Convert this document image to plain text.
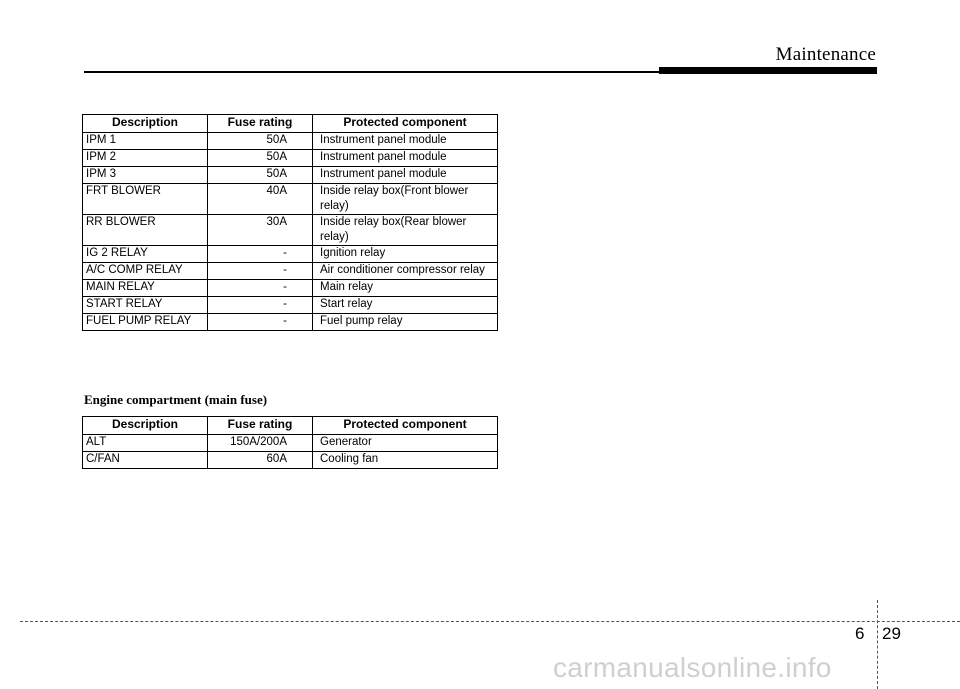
Maintenance
Description	Fuse rating	Protected component
IPM 1	50A	Instrument panel module

IPM 2	50A	Instrument panel module

IPM 3	50A	Instrument panel module

FRT BLOWER	40A	Inside relay box(Front blower
relay)

RR BLOWER	30A	Inside relay box(Rear blower
relay)

IG 2 RELAY	-	Ignition relay

A/C COMP RELAY	-	Air conditioner compressor relay

MAIN RELAY	-	Main relay

START RELAY	-	Start relay

FUEL PUMP RELAY	-	Fuel pump relay
Engine compartment (main fuse)
Description	Fuse rating	Protected component
ALT	150A/200A	Generator

C/FAN	60A	Cooling fan
6 29
carmanualsonline.info
